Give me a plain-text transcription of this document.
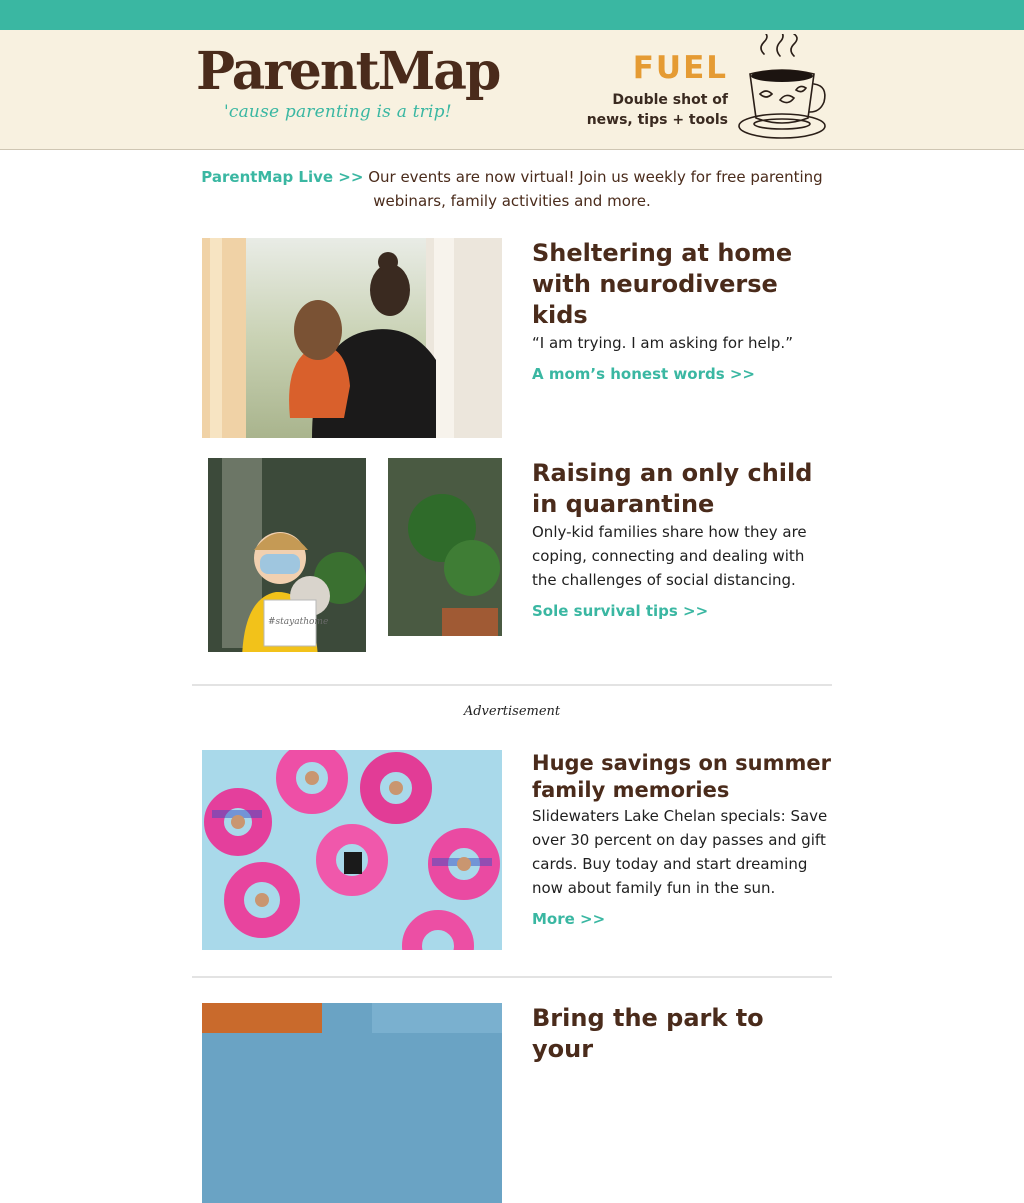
ParentMap
'cause parenting is a trip!
FUEL
Double shot of
news, tips + tools
ParentMap Live >> Our events are now virtual! Join us weekly for free parenting webinars, family activities and more.
Sheltering at home with neurodiverse kids

“I am trying. I am asking for help.”

A mom’s honest words >>
#stayathome
Raising an only child in quarantine

Only-kid families share how they are coping, connecting and dealing with the challenges of social distancing.

Sole survival tips >>
Advertisement
Huge savings on summer family memories

Slidewaters Lake Chelan specials: Save over 30 percent on day passes and gift cards. Buy today and start dreaming now about family fun in the sun.

More >>
Bring the park to your
